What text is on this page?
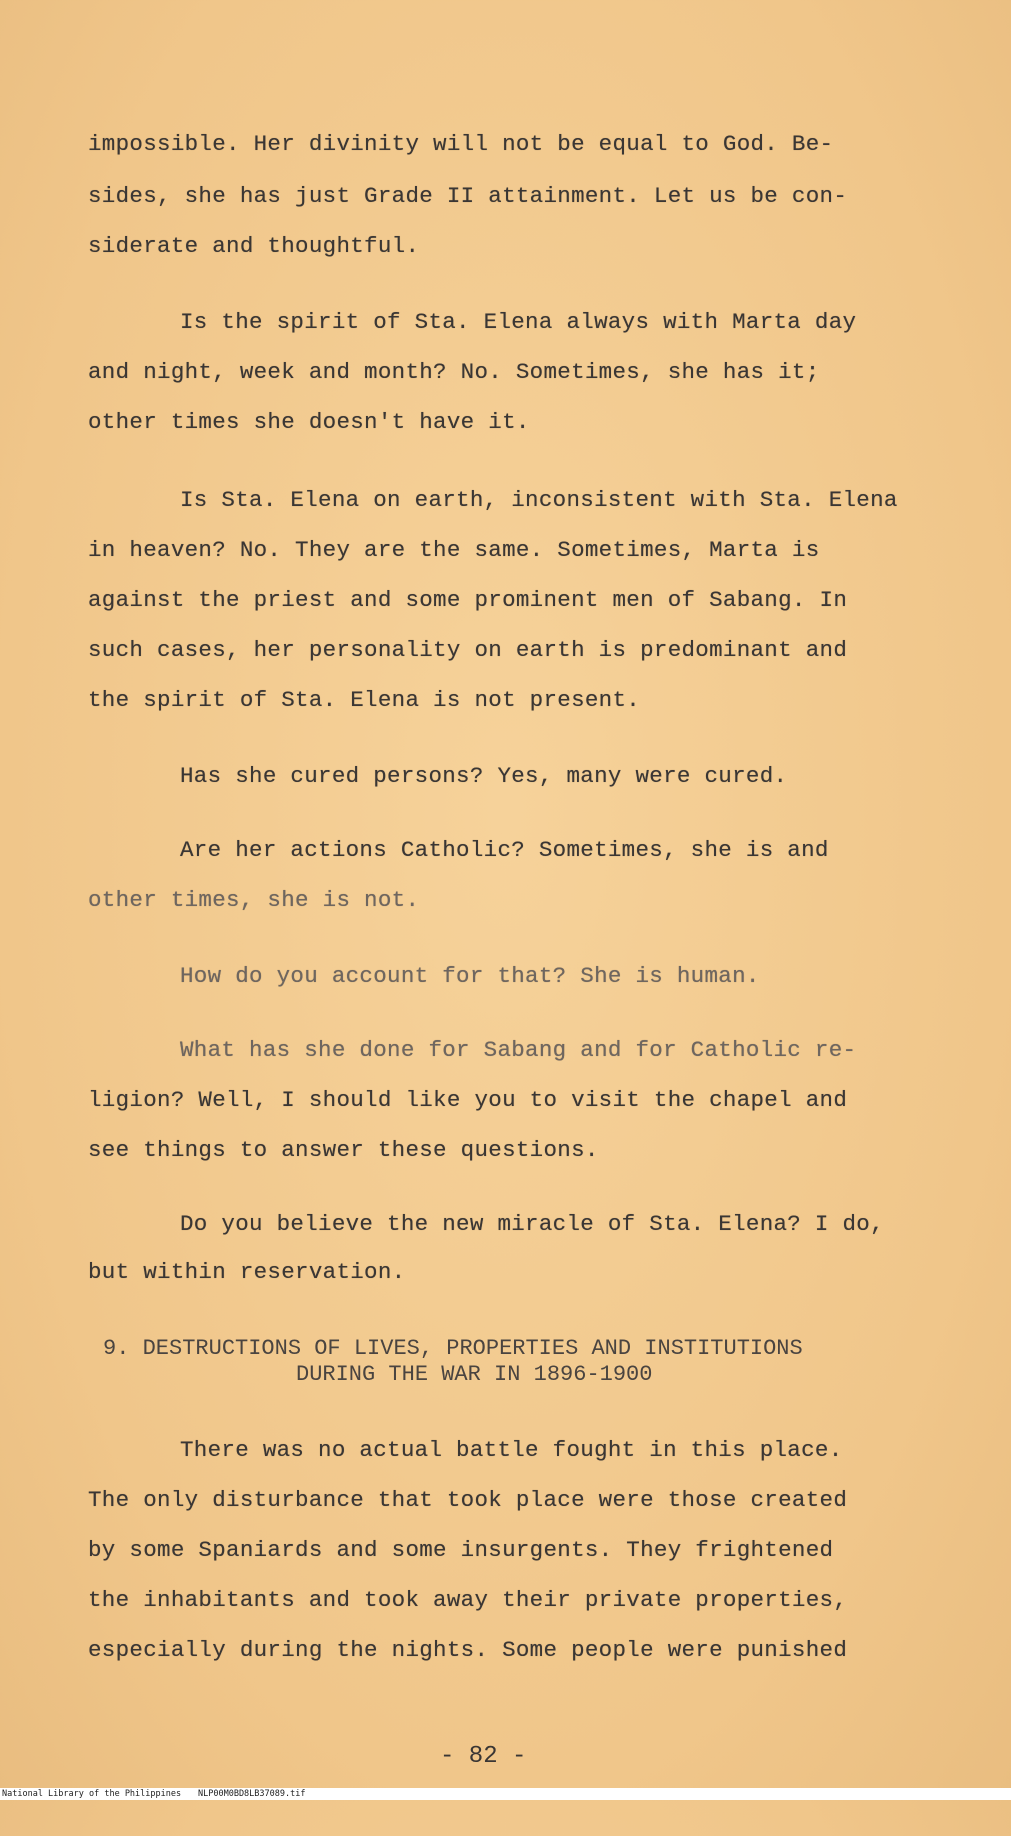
impossible. Her divinity will not be equal to God. Be-
sides, she has just Grade II attainment. Let us be con-
siderate and thoughtful.
Is the spirit of Sta. Elena always with Marta day
and night, week and month? No. Sometimes, she has it;
other times she doesn't have it.
Is Sta. Elena on earth, inconsistent with Sta. Elena
in heaven? No. They are the same. Sometimes, Marta is
against the priest and some prominent men of Sabang. In
such cases, her personality on earth is predominant and
the spirit of Sta. Elena is not present.
Has she cured persons? Yes, many were cured.
Are her actions Catholic? Sometimes, she is and
other times, she is not.
How do you account for that? She is human.
What has she done for Sabang and for Catholic re-
ligion? Well, I should like you to visit the chapel and
see things to answer these questions.
Do you believe the new miracle of Sta. Elena? I do,
but within reservation.
9. DESTRUCTIONS OF LIVES, PROPERTIES AND INSTITUTIONS
DURING THE WAR IN 1896-1900
There was no actual battle fought in this place.
The only disturbance that took place were those created
by some Spaniards and some insurgents. They frightened
the inhabitants and took away their private properties,
especially during the nights. Some people were punished
- 82 -

National Library of the Philippines

NLP00M0BD8LB37089.tif
